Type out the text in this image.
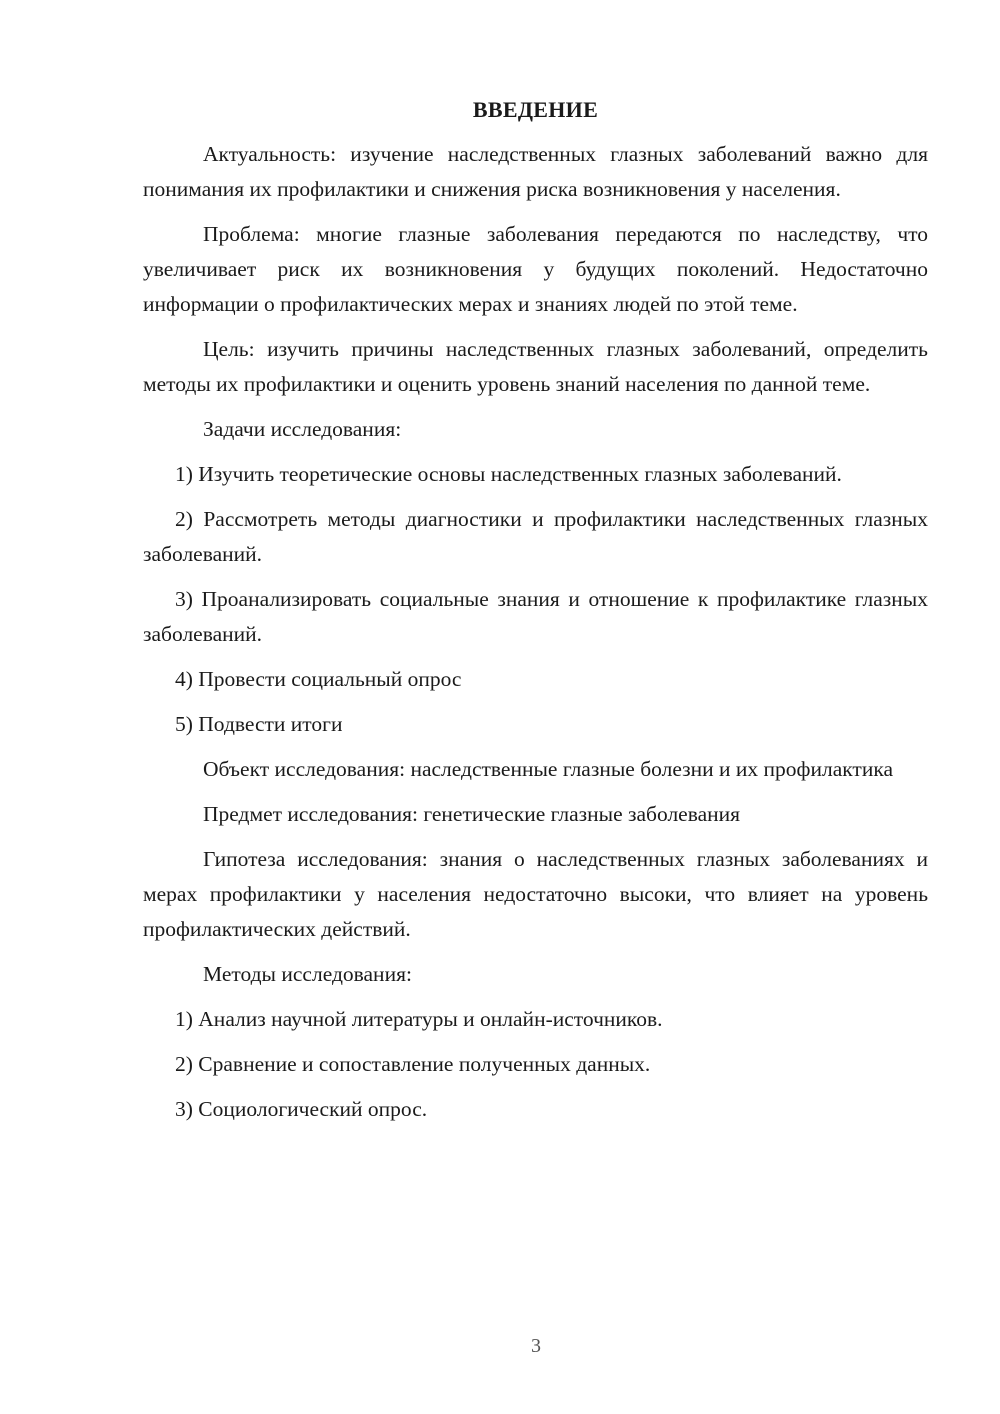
ВВЕДЕНИЕ

Актуальность: изучение наследственных глазных заболеваний важно для понимания их профилактики и снижения риска возникновения у населения.

Проблема: многие глазные заболевания передаются по наследству, что увеличивает риск их возникновения у будущих поколений. Недостаточно информации о профилактических мерах и знаниях людей по этой теме.

Цель: изучить причины наследственных глазных заболеваний, определить методы их профилактики и оценить уровень знаний населения по данной теме.

Задачи исследования:

1) Изучить теоретические основы наследственных глазных заболеваний.

2) Рассмотреть методы диагностики и профилактики наследственных глазных заболеваний.

3) Проанализировать социальные знания и отношение к профилактике глазных заболеваний.

4) Провести социальный опрос

5) Подвести итоги

Объект исследования: наследственные глазные болезни и их профилактика

Предмет исследования: генетические глазные заболевания

Гипотеза исследования: знания о наследственных глазных заболеваниях и мерах профилактики у населения недостаточно высоки, что влияет на уровень профилактических действий.

Методы исследования:

1) Анализ научной литературы и онлайн-источников.

2) Сравнение и сопоставление полученных данных.

3) Социологический опрос.

3
